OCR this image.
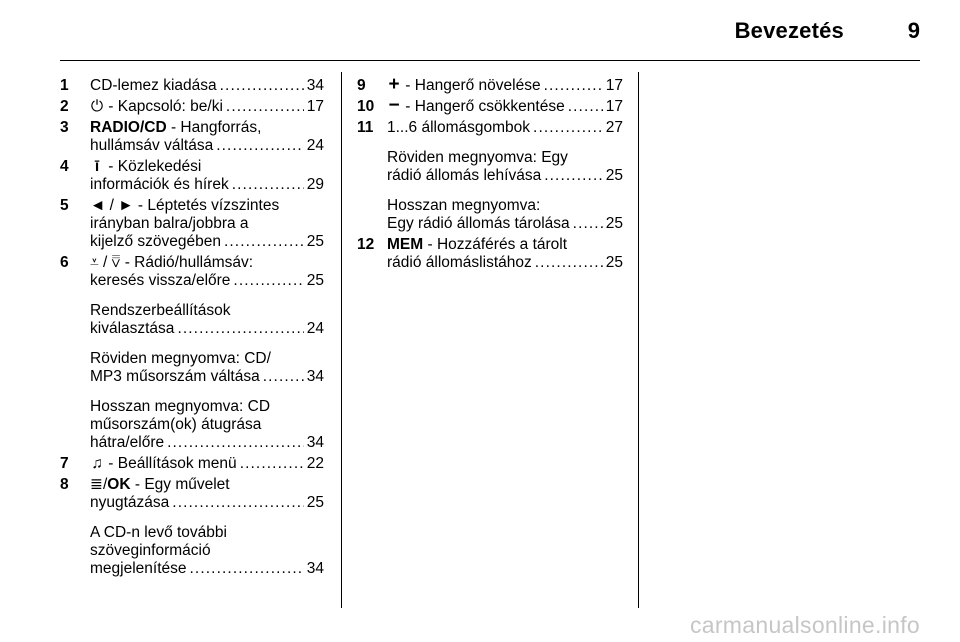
Bevezetés	9
1 CD-lemez kiadása . . .	34
2 ⏻ - Kapcsoló: be/ki . . .	17
3 RADIO/CD - Hangforrás,
hullámsáv váltása . . .	24
4	ī - Közlekedési
információk és hírek . . .	29
5 ◄ / ► - Léptetés vízszintes
irányban balra/jobbra a
kijelző szövegében . . .	25
6 ⩡ / ⩢ - Rádió/hullámsáv:
keresés vissza/előre . . .	25
Rendszerbeállítások
kiválasztása . . .	24
Röviden megnyomva: CD/
MP3 műsorszám váltása . . .	34
Hosszan megnyomva: CD
műsorszám(ok) átugrása
hátra/előre . . .	34
7 ♫ - Beállítások menü . . .	22
8 ≣/OK - Egy művelet
nyugtázása . . .	25
A CD-n levő további
szöveginformáció
megjelenítése . . .	34
9 + - Hangerő növelése . . .	17
10 − - Hangerő csökkentése . . .	17
11 1...6 állomásgombok . . .	27
Röviden megnyomva: Egy
rádió állomás lehívása . . .	25
Hosszan megnyomva:
Egy rádió állomás tárolása . . . 25
12 MEM - Hozzáférés a tárolt
rádió állomáslistához . . .	25
carmanualsonline.info
